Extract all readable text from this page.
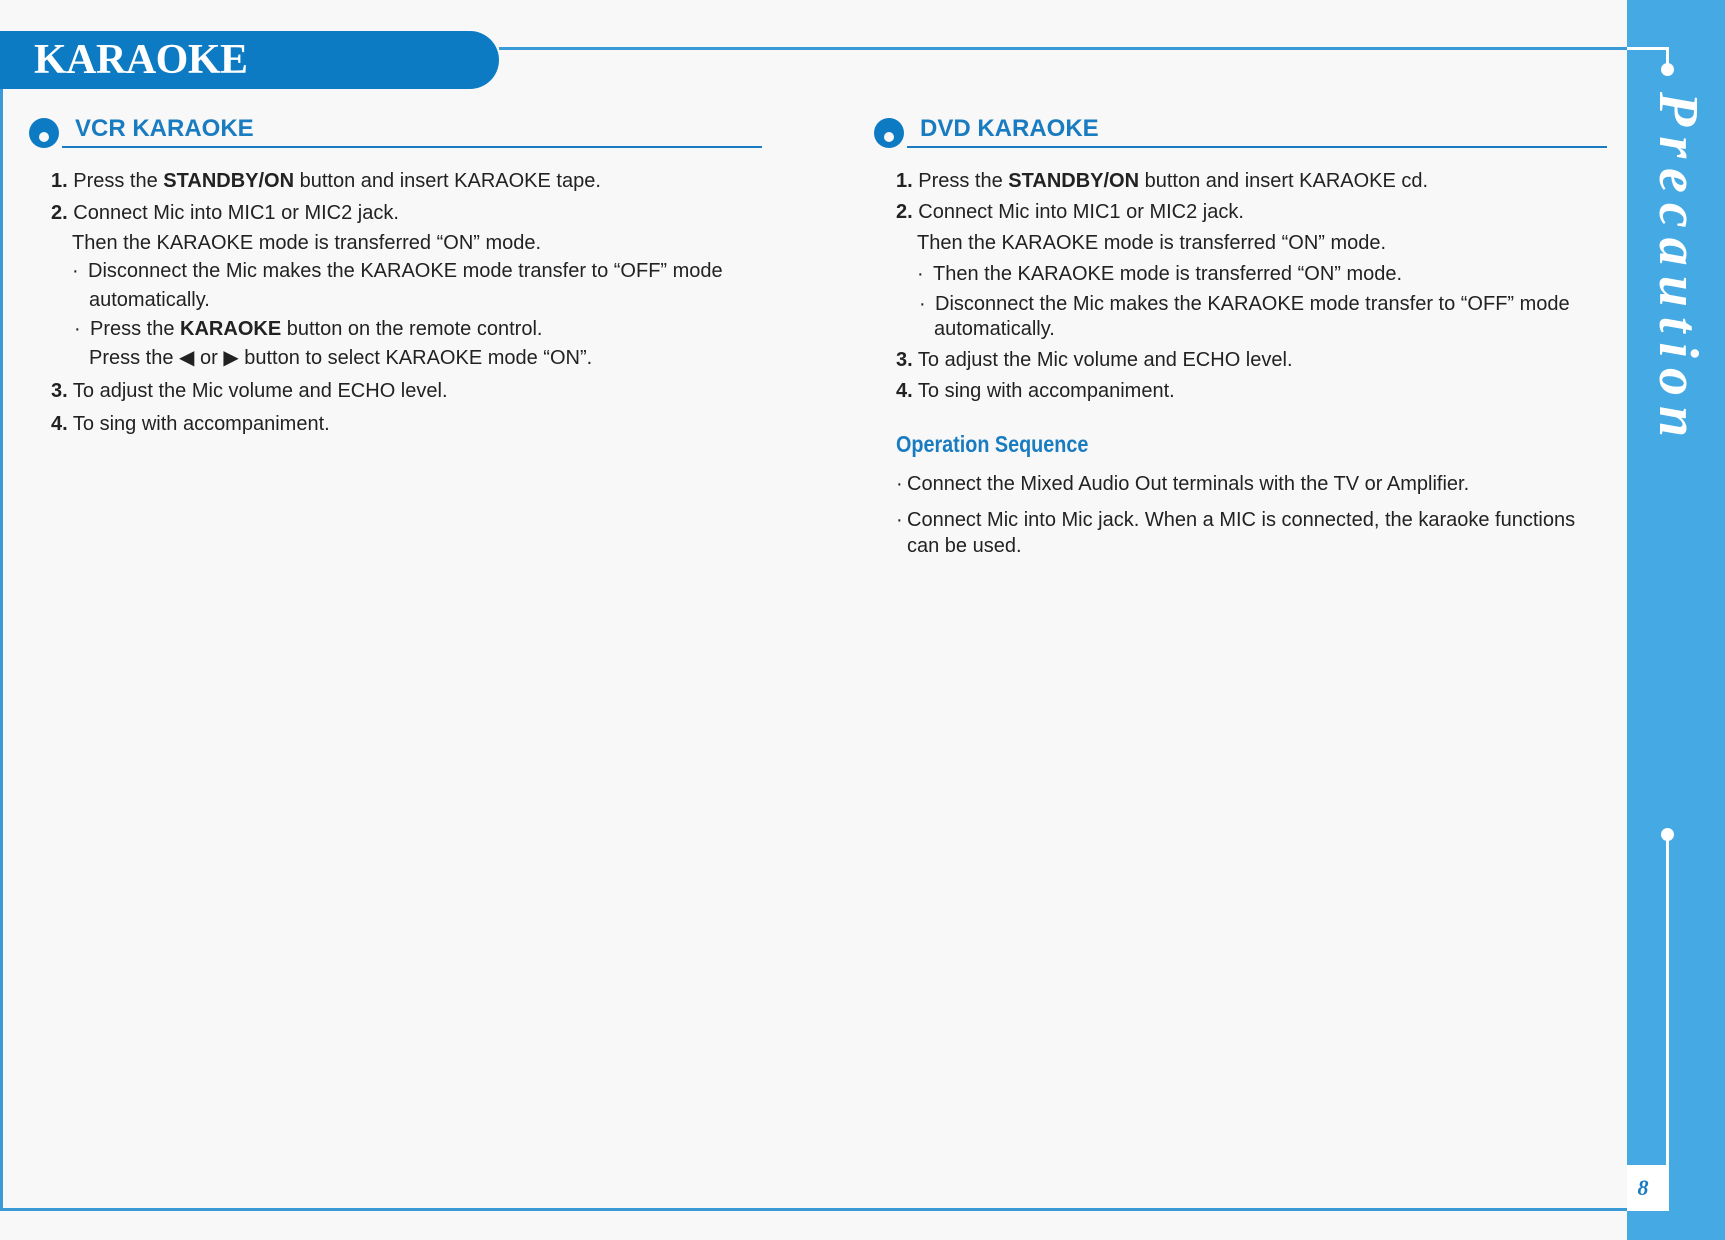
KARAOKE
Precaution
8
VCR KARAOKE
1. Press the STANDBY/ON button and insert KARAOKE tape.
2. Connect Mic into MIC1 or MIC2 jack.
Then the KARAOKE mode is transferred “ON” mode.
· Disconnect the Mic makes the KARAOKE mode transfer to “OFF” mode
automatically.
· Press the KARAOKE button on the remote control.
Press the ◀ or ▶ button to select KARAOKE mode “ON”.
3. To adjust the Mic volume and ECHO level.
4. To sing with accompaniment.
DVD KARAOKE
1. Press the STANDBY/ON button and insert KARAOKE cd.
2. Connect Mic into MIC1 or MIC2 jack.
Then the KARAOKE mode is transferred “ON” mode.
· Then the KARAOKE mode is transferred “ON” mode.
· Disconnect the Mic makes the KARAOKE mode transfer to “OFF” mode
automatically.
3. To adjust the Mic volume and ECHO level.
4. To sing with accompaniment.
Operation Sequence
· Connect the Mixed Audio Out terminals with the TV or Amplifier.
· Connect Mic into Mic jack. When a MIC is connected, the karaoke functions
can be used.
